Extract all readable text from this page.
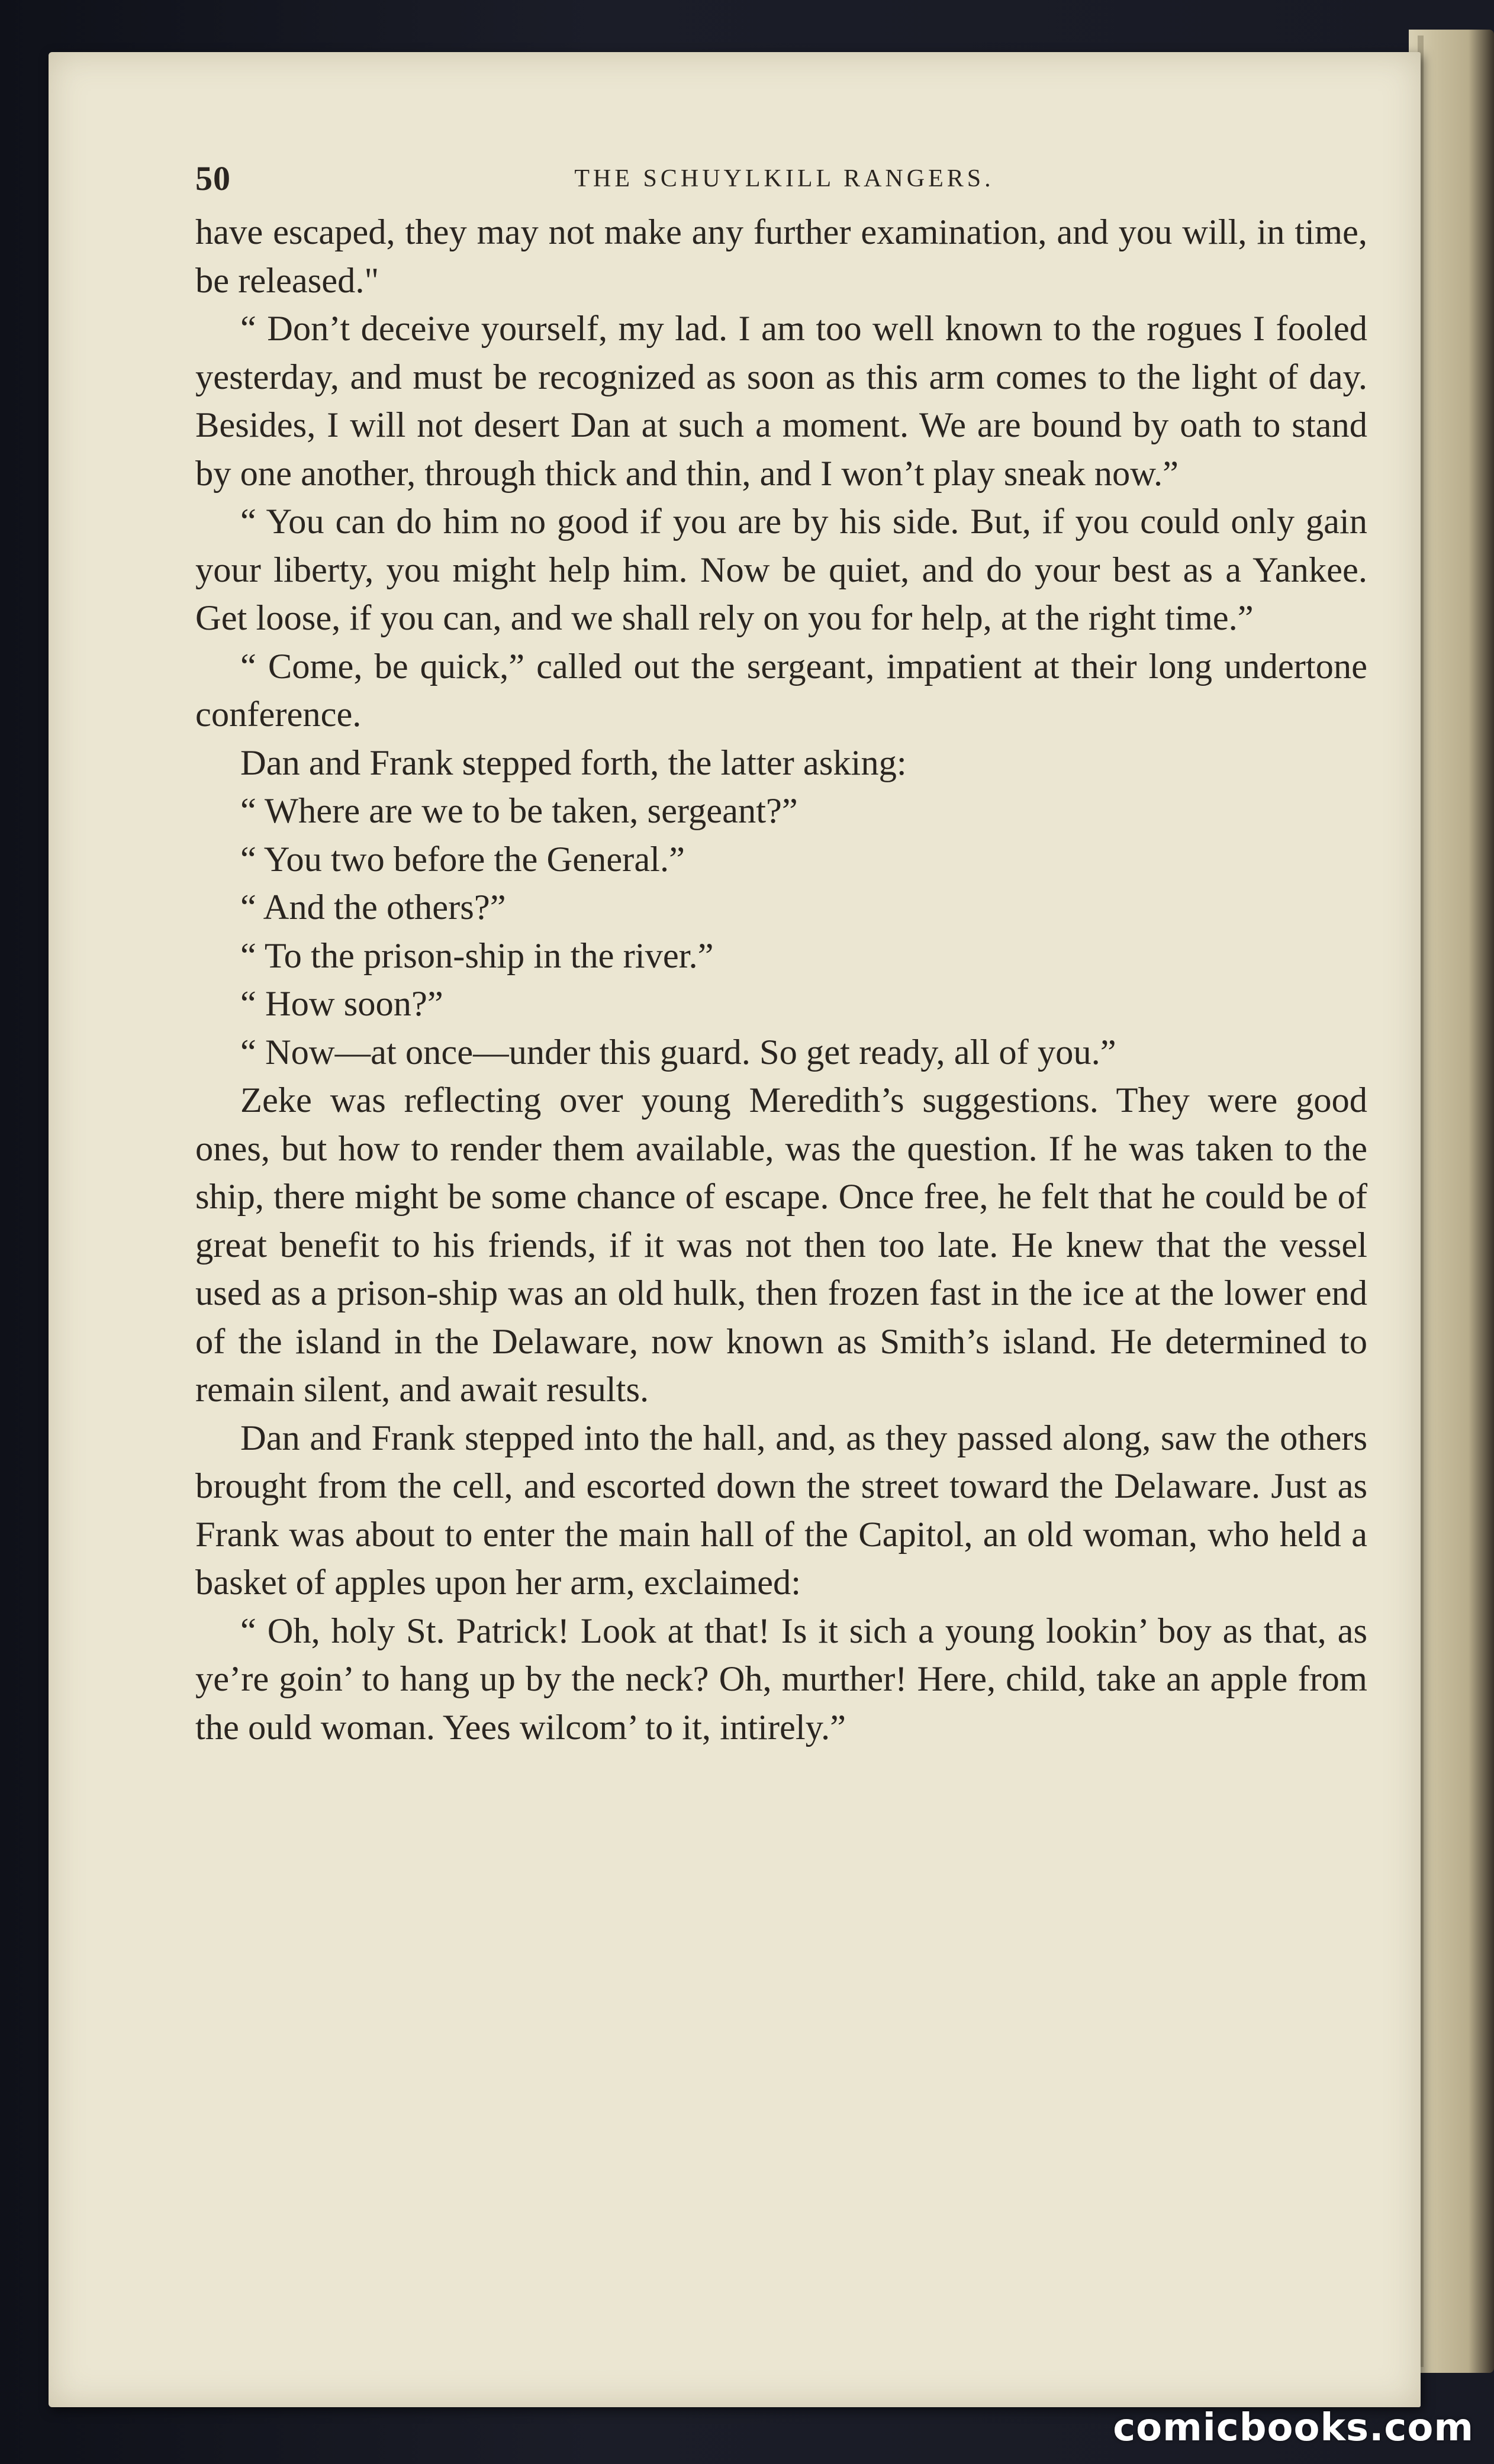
50	THE SCHUYLKILL RANGERS.

have escaped, they may not make any further examination, and you will, in time, be released."

“ Don’t deceive yourself, my lad. I am too well known to the rogues I fooled yesterday, and must be recognized as soon as this arm comes to the light of day. Besides, I will not desert Dan at such a moment. We are bound by oath to stand by one another, through thick and thin, and I won’t play sneak now.”

“ You can do him no good if you are by his side. But, if you could only gain your liberty, you might help him. Now be quiet, and do your best as a Yankee. Get loose, if you can, and we shall rely on you for help, at the right time.”

“ Come, be quick,” called out the sergeant, impatient at their long undertone conference.

Dan and Frank stepped forth, the latter asking:

“ Where are we to be taken, sergeant?”

“ You two before the General.”

“ And the others?”

“ To the prison-ship in the river.”

“ How soon?”

“ Now—at once—under this guard. So get ready, all of you.”

Zeke was reflecting over young Meredith’s suggestions. They were good ones, but how to render them available, was the question. If he was taken to the ship, there might be some chance of escape. Once free, he felt that he could be of great benefit to his friends, if it was not then too late. He knew that the vessel used as a prison-ship was an old hulk, then frozen fast in the ice at the lower end of the island in the Delaware, now known as Smith’s island. He determined to remain silent, and await results.

Dan and Frank stepped into the hall, and, as they passed along, saw the others brought from the cell, and escorted down the street toward the Delaware. Just as Frank was about to enter the main hall of the Capitol, an old woman, who held a basket of apples upon her arm, exclaimed:

“ Oh, holy St. Patrick! Look at that! Is it sich a young lookin’ boy as that, as ye’re goin’ to hang up by the neck? Oh, murther! Here, child, take an apple from the ould woman. Yees wilcom’ to it, intirely.”

comicbooks.com
